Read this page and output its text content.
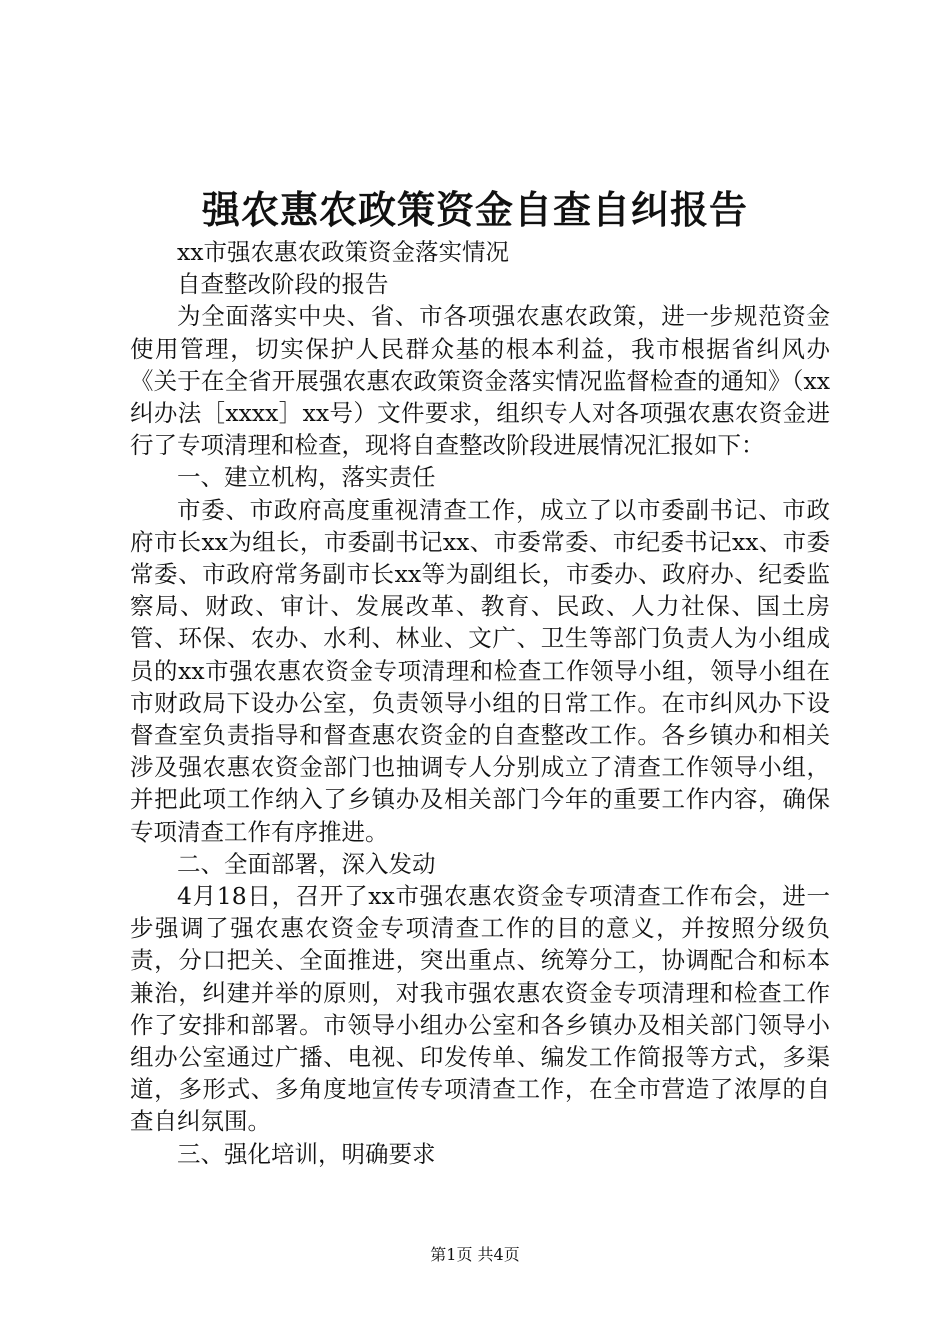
强农惠农政策资金自查自纠报告

xx市强农惠农政策资金落实情况

自查整改阶段的报告

为全面落实中央、省、市各项强农惠农政策，进一步规范资金使用管理，切实保护人民群众基的根本利益，我市根据省纠风办《关于在全省开展强农惠农政策资金落实情况监督检查的通知》（xx纠办法［xxxx］xx号）文件要求，组织专人对各项强农惠农资金进行了专项清理和检查，现将自查整改阶段进展情况汇报如下：

一、建立机构，落实责任

市委、市政府高度重视清查工作，成立了以市委副书记、市政府市长xx为组长，市委副书记xx、市委常委、市纪委书记xx、市委常委、市政府常务副市长xx等为副组长，市委办、政府办、纪委监察局、财政、审计、发展改革、教育、民政、人力社保、国土房管、环保、农办、水利、林业、文广、卫生等部门负责人为小组成员的xx市强农惠农资金专项清理和检查工作领导小组，领导小组在市财政局下设办公室，负责领导小组的日常工作。在市纠风办下设督查室负责指导和督查惠农资金的自查整改工作。各乡镇办和相关涉及强农惠农资金部门也抽调专人分别成立了清查工作领导小组，并把此项工作纳入了乡镇办及相关部门今年的重要工作内容，确保专项清查工作有序推进。

二、全面部署，深入发动

4月18日，召开了xx市强农惠农资金专项清查工作布会，进一步强调了强农惠农资金专项清查工作的目的意义，并按照分级负责，分口把关、全面推进，突出重点、统筹分工，协调配合和标本兼治，纠建并举的原则，对我市强农惠农资金专项清理和检查工作作了安排和部署。市领导小组办公室和各乡镇办及相关部门领导小组办公室通过广播、电视、印发传单、编发工作简报等方式，多渠道，多形式、多角度地宣传专项清查工作，在全市营造了浓厚的自查自纠氛围。

三、强化培训，明确要求

第1页 共4页
